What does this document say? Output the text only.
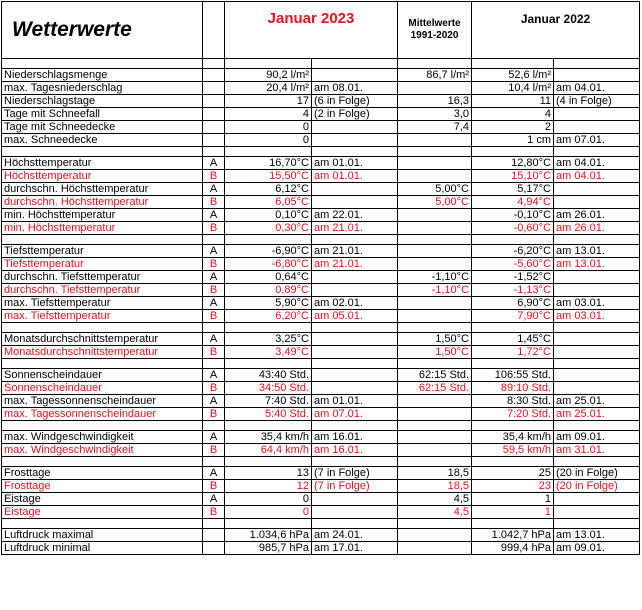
Wetterwerte		Januar 2023		Mittelwerte
1991-2020	Januar 2022	

Niederschlagsmenge		90,2 l/m²		86,7 l/m²	52,6 l/m²	
max. Tagesniederschlag		20,4 l/m²	am 08.01.		10,4 l/m²	am 04.01.
Niederschlagstage		17	(6 in Folge)	16,3	11	(4 in Folge)
Tage mit Schneefall		4	(2 in Folge)	3,0	4	
Tage mit Schneedecke		0		7,4	2	
max. Schneedecke		0			1 cm	am 07.01.

Höchsttemperatur	A	16,70°C	am 01.01.		12,80°C	am 04.01.
Höchsttemperatur	B	15,50°C	am 01.01.		15,10°C	am 04.01.
durchschn. Höchsttemperatur	A	6,12°C		5,00°C	5,17°C	
durchschn. Höchsttemperatur	B	6,05°C		5,00°C	4,94°C	
min. Höchsttemperatur	A	0,10°C	am 22.01.		-0,10°C	am 26.01.
min. Höchsttemperatur	B	0,30°C	am 21.01.		-0,60°C	am 26.01.

Tiefsttemperatur	A	-6,90°C	am 21.01.		-6,20°C	am 13.01.
Tiefsttemperatur	B	-6,80°C	am 21.01.		-5,60°C	am 13.01.
durchschn. Tiefsttemperatur	A	0,64°C		-1,10°C	-1,52°C	
durchschn. Tiefsttemperatur	B	0,89°C		-1,10°C	-1,13°C	
max. Tiefsttemperatur	A	5,90°C	am 02.01.		6,90°C	am 03.01.
max. Tiefsttemperatur	B	6,20°C	am 05.01.		7,90°C	am 03.01.

Monatsdurchschnittstemperatur	A	3,25°C		1,50°C	1,45°C	
Monatsdurchschnittstemperatur	B	3,49°C		1,50°C	1,72°C	

Sonnenscheindauer	A	43:40 Std.		62:15 Std.	106:55 Std.	
Sonnenscheindauer	B	34:50 Std.		62:15 Std.	89:10 Std.	
max. Tagessonnenscheindauer	A	7:40 Std.	am 01.01.		8:30 Std.	am 25.01.
max. Tagessonnenscheindauer	B	5:40 Std.	am 07.01.		7:20 Std.	am 25.01.

max. Windgeschwindigkeit	A	35,4 km/h	am 16.01.		35,4 km/h	am 09.01.
max. Windgeschwindigkeit	B	64,4 km/h	am 16.01.		59,5 km/h	am 31.01.

Frosttage	A	13	(7 in Folge)	18,5	25	(20 in Folge)
Frosttage	B	12	(7 in Folge)	18,5	23	(20 in Folge)
Eistage	A	0		4,5	1	
Eistage	B	0		4,5	1	

Luftdruck maximal		1.034,6 hPa	am 24.01.		1.042,7 hPa	am 13.01.
Luftdruck minimal		985,7 hPa	am 17.01.		999,4 hPa	am 09.01.
